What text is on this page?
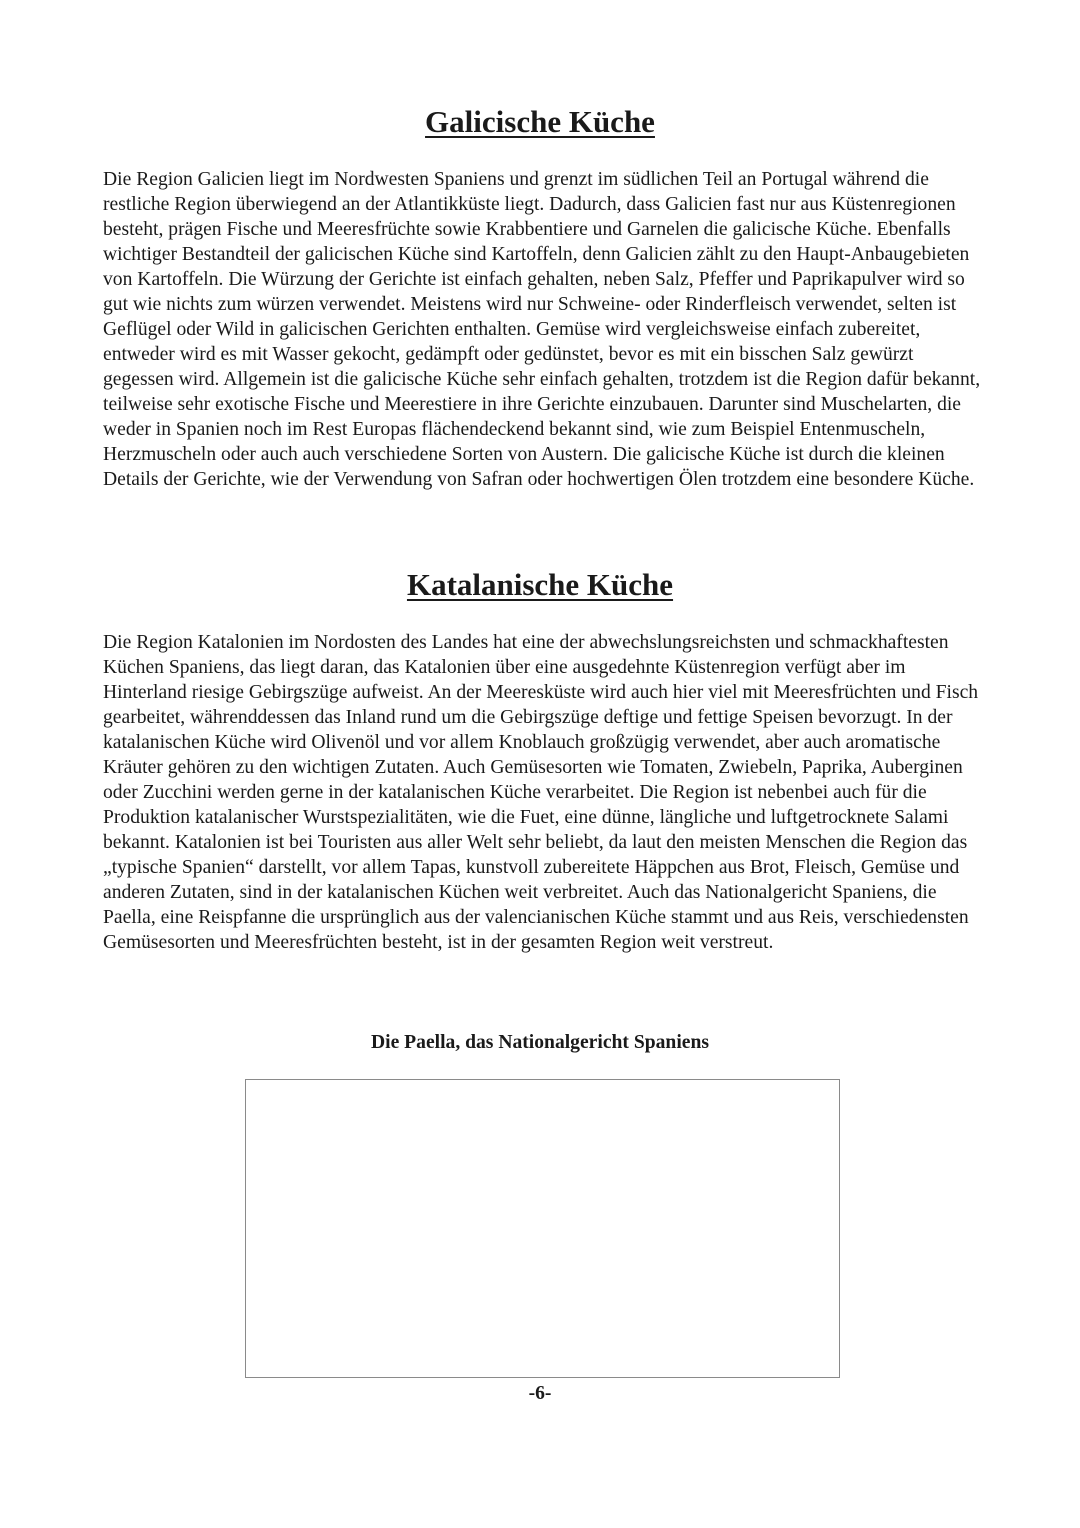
Galicische Küche

Die Region Galicien liegt im Nordwesten Spaniens und grenzt im südlichen Teil an Portugal während die restliche Region überwiegend an der Atlantikküste liegt. Dadurch, dass Galicien fast nur aus Küstenregionen besteht, prägen Fische und Meeresfrüchte sowie Krabbentiere und Garnelen die galicische Küche. Ebenfalls wichtiger Bestandteil der galicischen Küche sind Kartoffeln, denn Galicien zählt zu den Haupt-Anbaugebieten von Kartoffeln. Die Würzung der Gerichte ist einfach gehalten, neben Salz, Pfeffer und Paprikapulver wird so gut wie nichts zum würzen verwendet. Meistens wird nur Schweine- oder Rinderfleisch verwendet, selten ist Geflügel oder Wild in galicischen Gerichten enthalten. Gemüse wird vergleichsweise einfach zubereitet, entweder wird es mit Wasser gekocht, gedämpft oder gedünstet, bevor es mit ein bisschen Salz gewürzt gegessen wird. Allgemein ist die galicische Küche sehr einfach gehalten, trotzdem ist die Region dafür bekannt, teilweise sehr exotische Fische und Meerestiere in ihre Gerichte einzubauen. Darunter sind Muschelarten, die weder in Spanien noch im Rest Europas flächendeckend bekannt sind, wie zum Beispiel Entenmuscheln, Herzmuscheln oder auch auch verschiedene Sorten von Austern. Die galicische Küche ist durch die kleinen Details der Gerichte, wie der Verwendung von Safran oder hochwertigen Ölen trotzdem eine besondere Küche.

Katalanische Küche

Die Region Katalonien im Nordosten des Landes hat eine der abwechslungsreichsten und schmackhaftesten Küchen Spaniens, das liegt daran, das Katalonien über eine ausgedehnte Küstenregion verfügt aber im Hinterland riesige Gebirgszüge aufweist. An der Meeresküste wird auch hier viel mit Meeresfrüchten und Fisch gearbeitet, währenddessen das Inland rund um die Gebirgszüge deftige und fettige Speisen bevorzugt. In der katalanischen Küche wird Olivenöl und vor allem Knoblauch großzügig verwendet, aber auch aromatische Kräuter gehören zu den wichtigen Zutaten. Auch Gemüsesorten wie Tomaten, Zwiebeln, Paprika, Auberginen oder Zucchini werden gerne in der katalanischen Küche verarbeitet. Die Region ist nebenbei auch für die Produktion katalanischer Wurstspezialitäten, wie die Fuet, eine dünne, längliche und luftgetrocknete Salami bekannt. Katalonien ist bei Touristen aus aller Welt sehr beliebt, da laut den meisten Menschen die Region das „typische Spanien“ darstellt, vor allem Tapas, kunstvoll zubereitete Häppchen aus Brot, Fleisch, Gemüse und anderen Zutaten, sind in der katalanischen Küchen weit verbreitet. Auch das Nationalgericht Spaniens, die Paella, eine Reispfanne die ursprünglich aus der valencianischen Küche stammt und aus Reis, verschiedensten Gemüsesorten und Meeresfrüchten besteht, ist in der gesamten Region weit verstreut.

Die Paella, das Nationalgericht Spaniens

-6-
